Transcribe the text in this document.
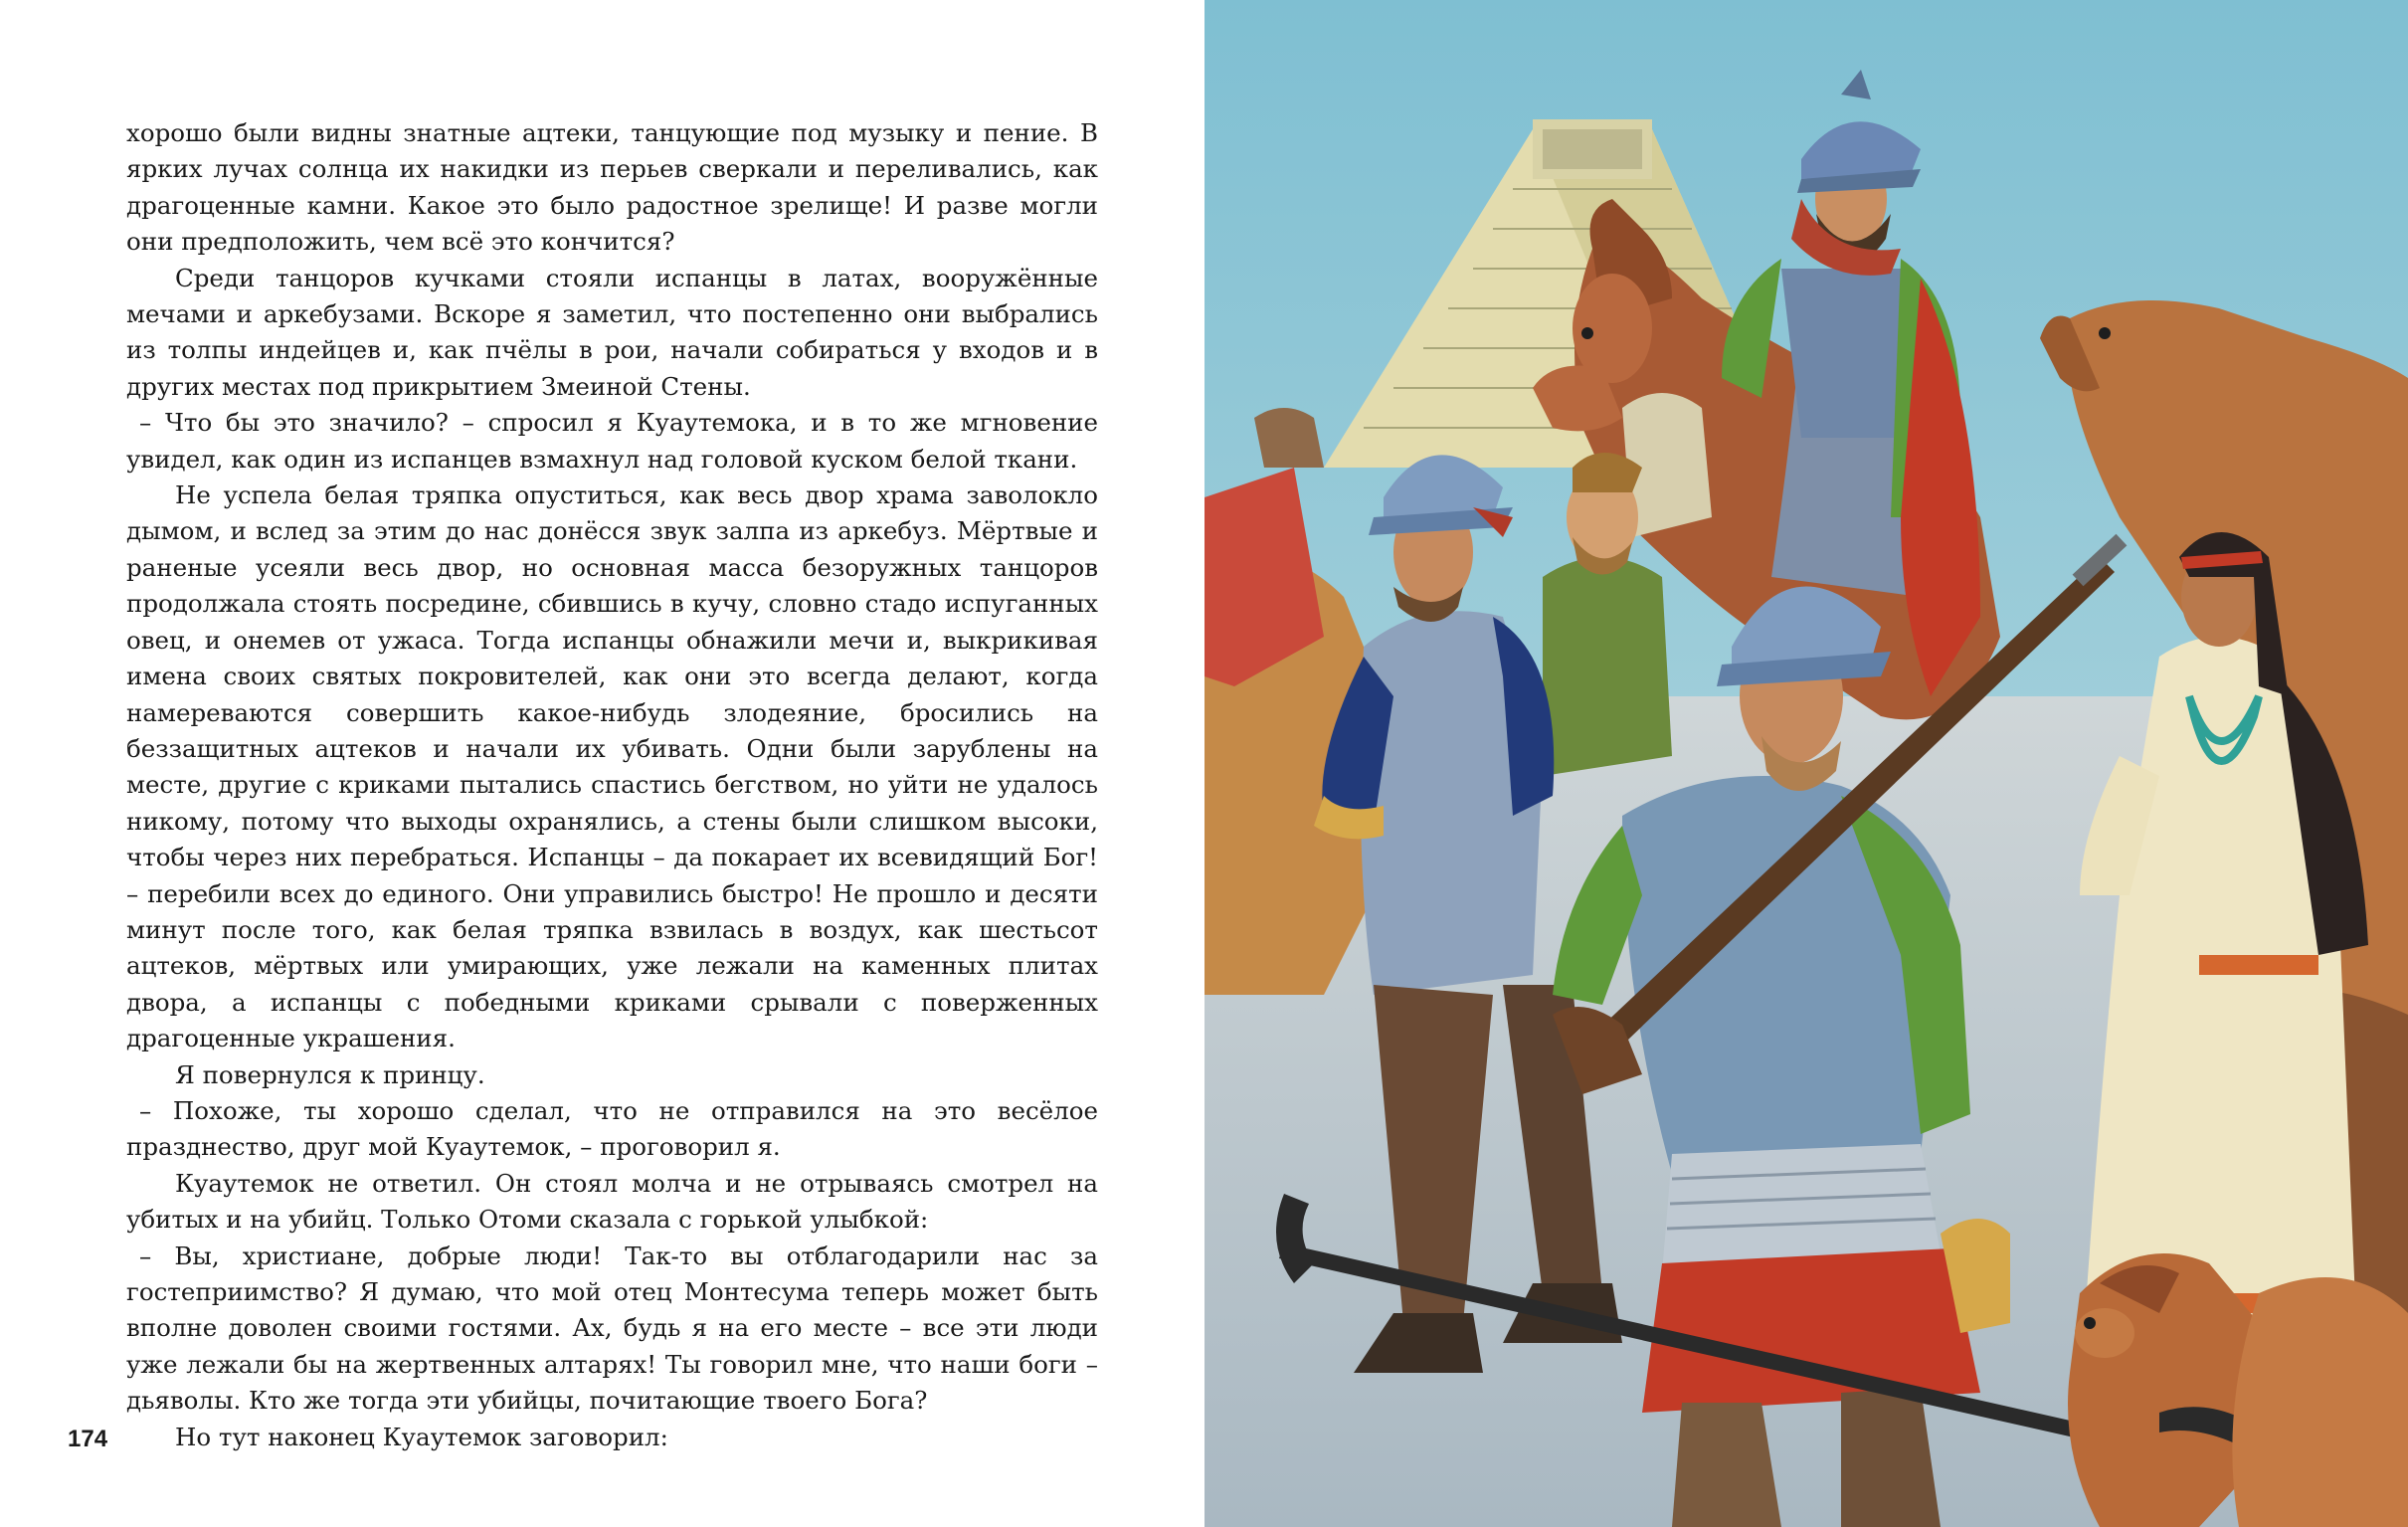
хорошо были видны знатные ацтеки, танцующие под музыку и пение. В ярких лучах солнца их накидки из перьев сверкали и переливались, как драгоценные камни. Какое это было радостное зрелище! И разве могли они предположить, чем всё это кончится?

Среди танцоров кучками стояли испанцы в латах, вооружённые мечами и аркебузами. Вскоре я заметил, что постепенно они выбрались из толпы индейцев и, как пчёлы в рои, начали собираться у входов и в других местах под прикрытием Змеиной Стены.

– Что бы это значило? – спросил я Куаутемока, и в то же мгновение увидел, как один из испанцев взмахнул над головой куском белой ткани.

Не успела белая тряпка опуститься, как весь двор храма заволокло дымом, и вслед за этим до нас донёсся звук залпа из аркебуз. Мёртвые и раненые усеяли весь двор, но основная масса безоружных танцоров продолжала стоять посредине, сбившись в кучу, словно стадо испуганных овец, и онемев от ужаса. Тогда испанцы обнажили мечи и, выкрикивая имена своих святых покровителей, как они это всегда делают, когда намереваются совершить какое-нибудь злодеяние, бросились на беззащитных ацтеков и начали их убивать. Одни были зарублены на месте, другие с криками пытались спастись бегством, но уйти не удалось никому, потому что выходы охранялись, а стены были слишком высоки, чтобы через них перебраться. Испанцы – да покарает их всевидящий Бог! – перебили всех до единого. Они управились быстро! Не прошло и десяти минут после того, как белая тряпка взвилась в воздух, как шестьсот ацтеков, мёртвых или умирающих, уже лежали на каменных плитах двора, а испанцы с победными криками срывали с поверженных драгоценные украшения.

Я повернулся к принцу.

– Похоже, ты хорошо сделал, что не отправился на это весёлое празднество, друг мой Куаутемок, – проговорил я.

Куаутемок не ответил. Он стоял молча и не отрываясь смотрел на убитых и на убийц. Только Отоми сказала с горькой улыбкой:

– Вы, христиане, добрые люди! Так-то вы отблагодарили нас за гостеприимство? Я думаю, что мой отец Монтесума теперь может быть вполне доволен своими гостями. Ах, будь я на его месте – все эти люди уже лежали бы на жертвенных алтарях! Ты говорил мне, что наши боги – дьяволы. Кто же тогда эти убийцы, почитающие твоего Бога?

Но тут наконец Куаутемок заговорил:

174
